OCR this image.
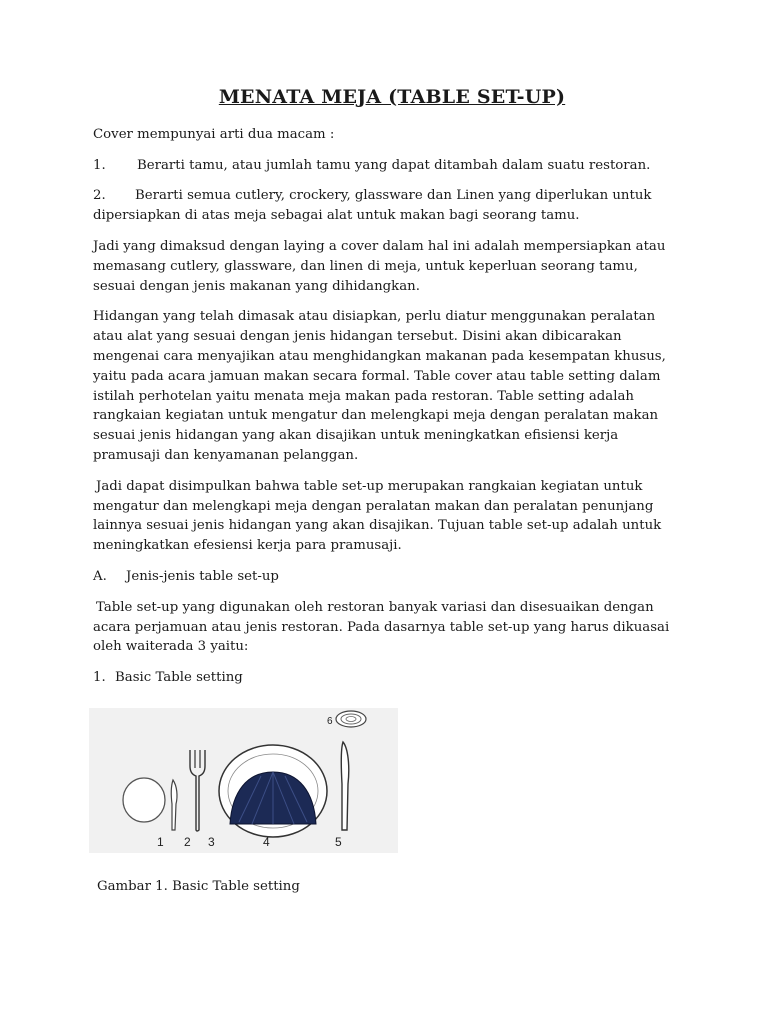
MENATA MEJA (TABLE SET-UP)

Cover mempunyai arti dua macam :

1. Berarti tamu, atau jumlah tamu yang dapat ditambah dalam suatu restoran.

2. Berarti semua cutlery, crockery, glassware dan Linen yang diperlukan untuk
dipersiapkan di atas meja sebagai alat untuk makan bagi seorang tamu.

Jadi yang dimaksud dengan laying a cover dalam hal ini adalah mempersiapkan atau memasang cutlery, glassware, dan linen di meja, untuk keperluan seorang tamu, sesuai dengan jenis makanan yang dihidangkan.

Hidangan yang telah dimasak atau disiapkan, perlu diatur menggunakan peralatan atau alat yang sesuai dengan jenis hidangan tersebut. Disini akan dibicarakan mengenai cara menyajikan atau menghidangkan makanan pada kesempatan khusus, yaitu pada acara jamuan makan secara formal. Table cover atau table setting dalam istilah perhotelan yaitu menata meja makan pada restoran. Table setting adalah rangkaian kegiatan untuk mengatur dan melengkapi meja dengan peralatan makan sesuai jenis hidangan yang akan disajikan untuk meningkatkan efisiensi kerja pramusaji dan kenyamanan pelanggan.

Jadi dapat disimpulkan bahwa table set-up merupakan rangkaian kegiatan untuk mengatur dan melengkapi meja dengan peralatan makan dan peralatan penunjang lainnya sesuai jenis hidangan yang akan disajikan. Tujuan table set-up adalah untuk meningkatkan efesiensi kerja para pramusaji.

A. Jenis-jenis table set-up

Table set-up yang digunakan oleh restoran banyak variasi dan disesuaikan dengan acara perjamuan atau jenis restoran. Pada dasarnya table set-up yang harus dikuasai oleh waiterada 3 yaitu:

1. Basic Table setting

1 2 3	4	5
6
Gambar 1. Basic Table setting
